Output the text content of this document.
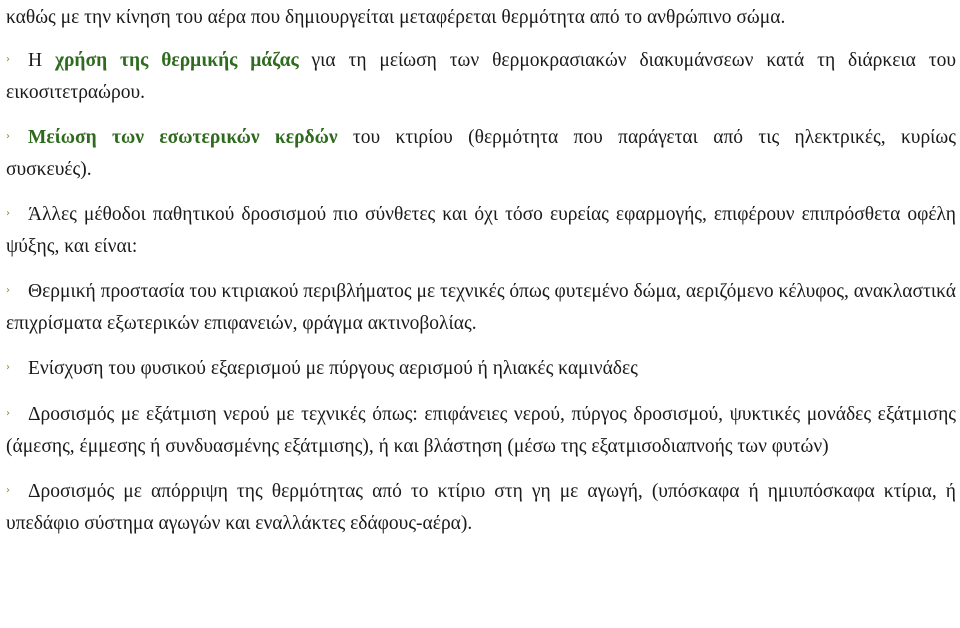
καθώς με την κίνηση του αέρα που δημιουργείται μεταφέρεται θερμότητα από το ανθρώπινο σώμα.

› Η χρήση της θερμικής μάζας για τη μείωση των θερμοκρασιακών διακυμάνσεων κατά τη διάρκεια του εικοσιτετραώρου.

› Μείωση των εσωτερικών κερδών του κτιρίου (θερμότητα που παράγεται από τις ηλεκτρικές, κυρίως συσκευές).

› Άλλες μέθοδοι παθητικού δροσισμού πιο σύνθετες και όχι τόσο ευρείας εφαρμογής, επιφέρουν επιπρόσθετα οφέλη ψύξης, και είναι:

› Θερμική προστασία του κτιριακού περιβλήματος με τεχνικές όπως φυτεμένο δώμα, αεριζόμενο κέλυφος, ανακλαστικά επιχρίσματα εξωτερικών επιφανειών, φράγμα ακτινοβολίας.

› Ενίσχυση του φυσικού εξαερισμού με πύργους αερισμού ή ηλιακές καμινάδες

› Δροσισμός με εξάτμιση νερού με τεχνικές όπως: επιφάνειες νερού, πύργος δροσισμού, ψυκτικές μονάδες εξάτμισης (άμεσης, έμμεσης ή συνδυασμένης εξάτμισης), ή και βλάστηση (μέσω της εξατμισοδιαπνοής των φυτών)

› Δροσισμός με απόρριψη της θερμότητας από το κτίριο στη γη με αγωγή, (υπόσκαφα ή ημιυπόσκαφα κτίρια, ή υπεδάφιο σύστημα αγωγών και εναλλάκτες εδάφους-αέρα).
